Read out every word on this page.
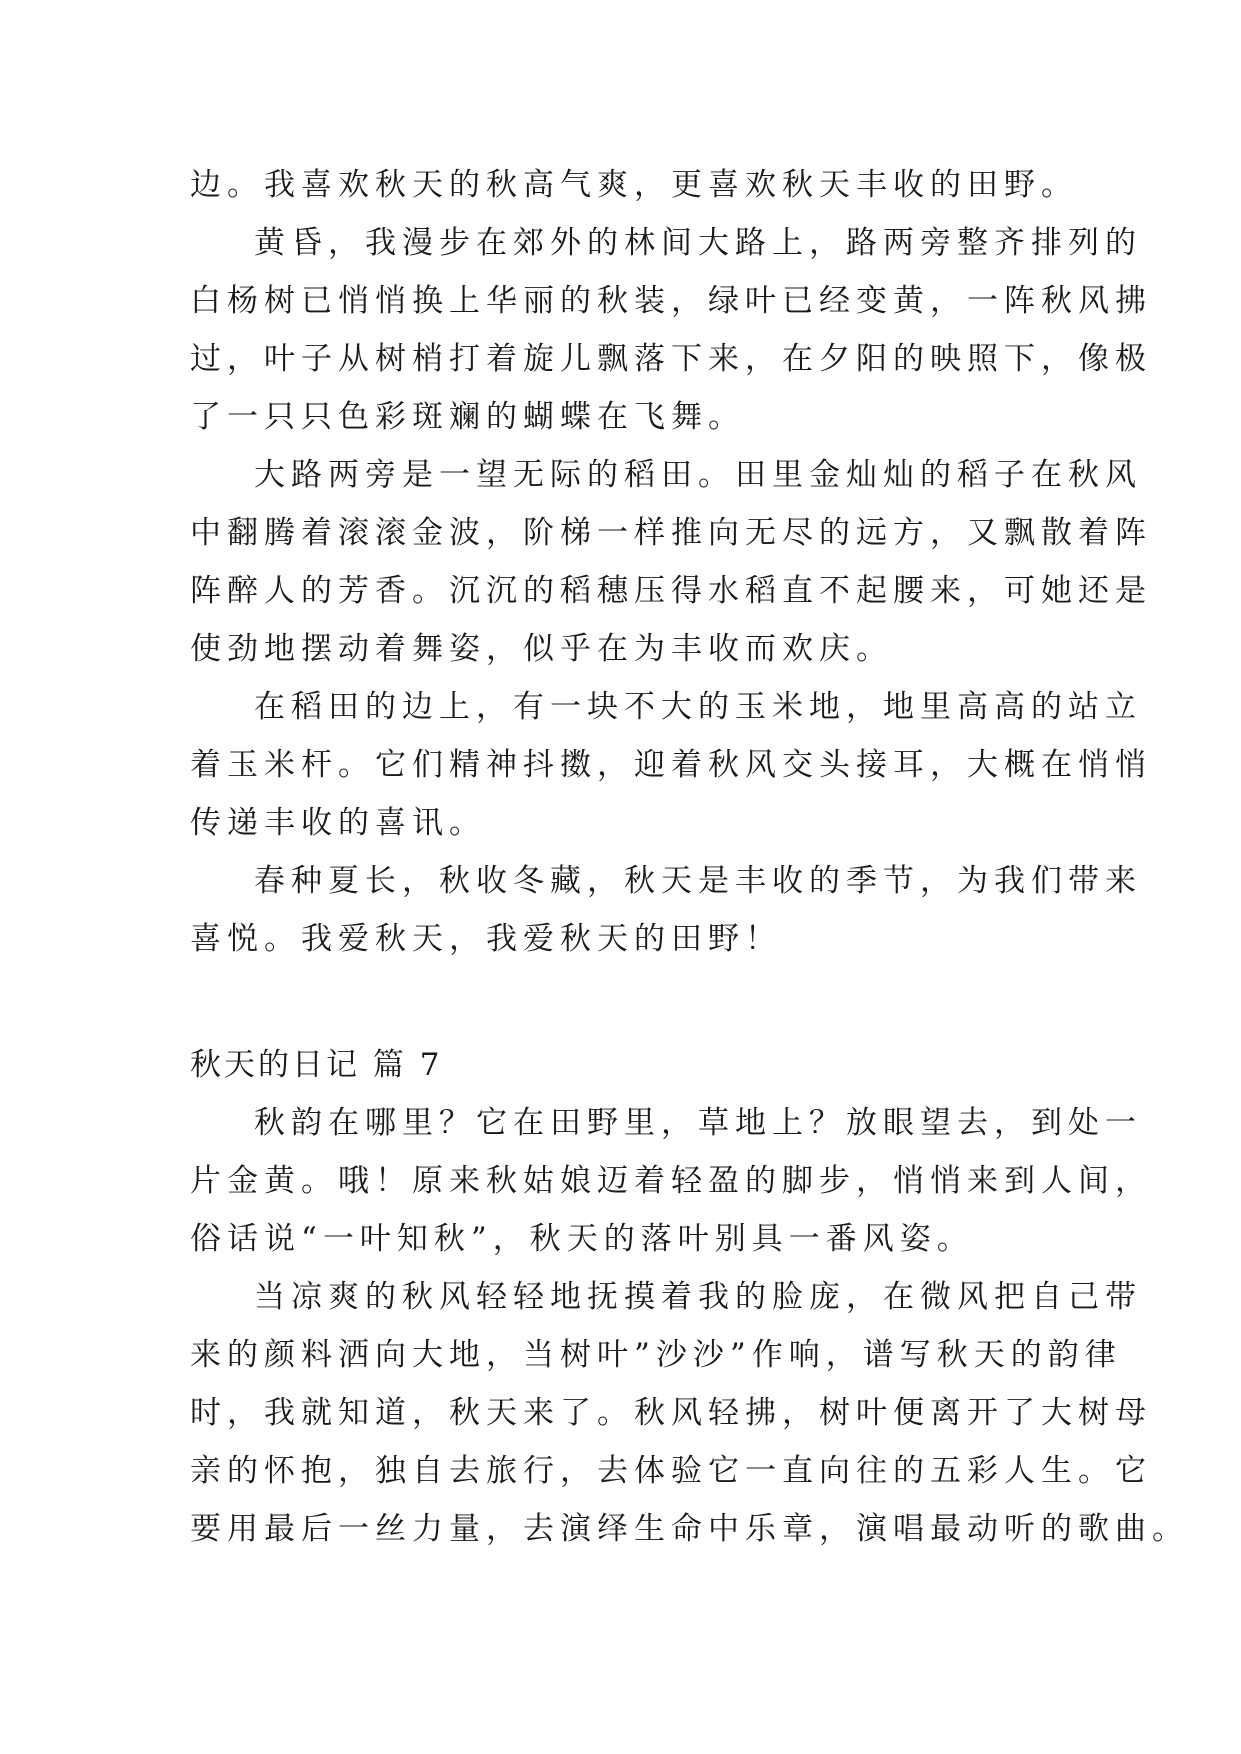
边。我喜欢秋天的秋高气爽，更喜欢秋天丰收的田野。
黄昏，我漫步在郊外的林间大路上，路两旁整齐排列的
白杨树已悄悄换上华丽的秋装，绿叶已经变黄，一阵秋风拂
过，叶子从树梢打着旋儿飘落下来，在夕阳的映照下，像极
了一只只色彩斑斓的蝴蝶在飞舞。
大路两旁是一望无际的稻田。田里金灿灿的稻子在秋风
中翻腾着滚滚金波，阶梯一样推向无尽的远方，又飘散着阵
阵醉人的芳香。沉沉的稻穗压得水稻直不起腰来，可她还是
使劲地摆动着舞姿，似乎在为丰收而欢庆。
在稻田的边上，有一块不大的玉米地，地里高高的站立
着玉米杆。它们精神抖擞，迎着秋风交头接耳，大概在悄悄
传递丰收的喜讯。
春种夏长，秋收冬藏，秋天是丰收的季节，为我们带来
喜悦。我爱秋天，我爱秋天的田野！
秋天的日记 篇 7
秋韵在哪里？它在田野里，草地上？放眼望去，到处一
片金黄。哦！原来秋姑娘迈着轻盈的脚步，悄悄来到人间，
俗话说“一叶知秋”，秋天的落叶别具一番风姿。
当凉爽的秋风轻轻地抚摸着我的脸庞，在微风把自己带
来的颜料洒向大地，当树叶”沙沙”作响，谱写秋天的韵律
时，我就知道，秋天来了。秋风轻拂，树叶便离开了大树母
亲的怀抱，独自去旅行，去体验它一直向往的五彩人生。它
要用最后一丝力量，去演绎生命中乐章，演唱最动听的歌曲。
